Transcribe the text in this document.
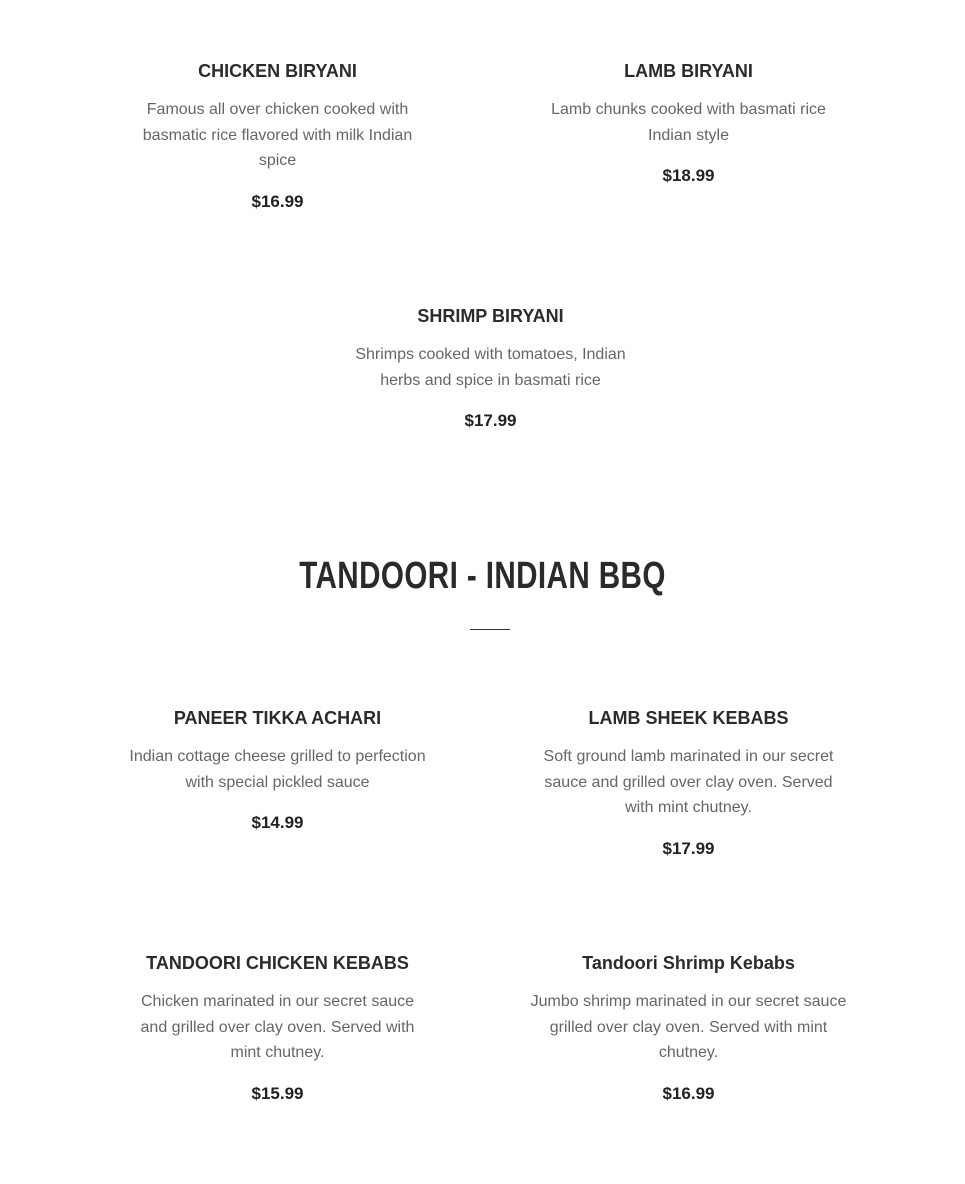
CHICKEN BIRYANI

Famous all over chicken cooked with basmatic rice flavored with milk Indian spice

$16.99

LAMB BIRYANI

Lamb chunks cooked with basmati rice Indian style

$18.99

SHRIMP BIRYANI

Shrimps cooked with tomatoes, Indian herbs and spice in basmati rice

$17.99

TANDOORI - INDIAN BBQ
PANEER TIKKA ACHARI

Indian cottage cheese grilled to perfection with special pickled sauce

$14.99

LAMB SHEEK KEBABS

Soft ground lamb marinated in our secret sauce and grilled over clay oven. Served with mint chutney.

$17.99

TANDOORI CHICKEN KEBABS

Chicken marinated in our secret sauce and grilled over clay oven. Served with mint chutney.

$15.99

Tandoori Shrimp Kebabs

Jumbo shrimp marinated in our secret sauce grilled over clay oven. Served with mint chutney.

$16.99
